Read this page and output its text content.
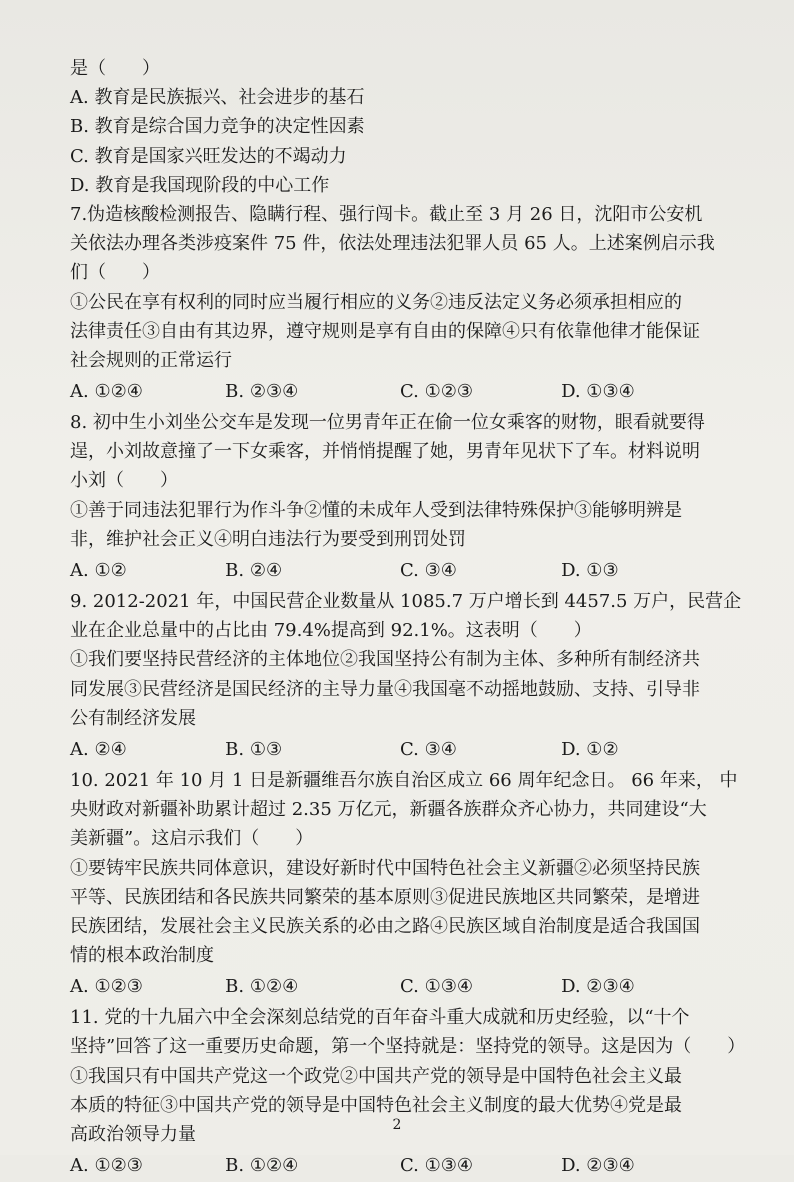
是（　　）
A. 教育是民族振兴、社会进步的基石
B. 教育是综合国力竞争的决定性因素
C. 教育是国家兴旺发达的不竭动力
D. 教育是我国现阶段的中心工作
7.伪造核酸检测报告、隐瞒行程、强行闯卡。截止至 3 月 26 日，沈阳市公安机
关依法办理各类涉疫案件 75 件，依法处理违法犯罪人员 65 人。上述案例启示我
们（　　）
①公民在享有权利的同时应当履行相应的义务②违反法定义务必须承担相应的
法律责任③自由有其边界，遵守规则是享有自由的保障④只有依靠他律才能保证
社会规则的正常运行
A. ①②④	B. ②③④	C. ①②③	D. ①③④
8. 初中生小刘坐公交车是发现一位男青年正在偷一位女乘客的财物，眼看就要得
逞，小刘故意撞了一下女乘客，并悄悄提醒了她，男青年见状下了车。材料说明
小刘（　　）
①善于同违法犯罪行为作斗争②懂的未成年人受到法律特殊保护③能够明辨是
非，维护社会正义④明白违法行为要受到刑罚处罚
A. ①②	B. ②④	C. ③④	D. ①③
9. 2012-2021 年，中国民营企业数量从 1085.7 万户增长到 4457.5 万户，民营企
业在企业总量中的占比由 79.4%提高到 92.1%。这表明（　　）
①我们要坚持民营经济的主体地位②我国坚持公有制为主体、多种所有制经济共
同发展③民营经济是国民经济的主导力量④我国毫不动摇地鼓励、支持、引导非
公有制经济发展
A. ②④	B. ①③	C. ③④	D. ①②
10. 2021 年 10 月 1 日是新疆维吾尔族自治区成立 66 周年纪念日。 66 年来， 中
央财政对新疆补助累计超过 2.35 万亿元，新疆各族群众齐心协力，共同建设“大
美新疆”。这启示我们（　　）
①要铸牢民族共同体意识，建设好新时代中国特色社会主义新疆②必须坚持民族
平等、民族团结和各民族共同繁荣的基本原则③促进民族地区共同繁荣，是增进
民族团结，发展社会主义民族关系的必由之路④民族区域自治制度是适合我国国
情的根本政治制度
A. ①②③	B. ①②④	C. ①③④	D. ②③④
11. 党的十九届六中全会深刻总结党的百年奋斗重大成就和历史经验，以“十个
坚持”回答了这一重要历史命题，第一个坚持就是：坚持党的领导。这是因为（　　）
①我国只有中国共产党这一个政党②中国共产党的领导是中国特色社会主义最
本质的特征③中国共产党的领导是中国特色社会主义制度的最大优势④党是最
高政治领导力量
A. ①②③	B. ①②④	C. ①③④	D. ②③④
2
